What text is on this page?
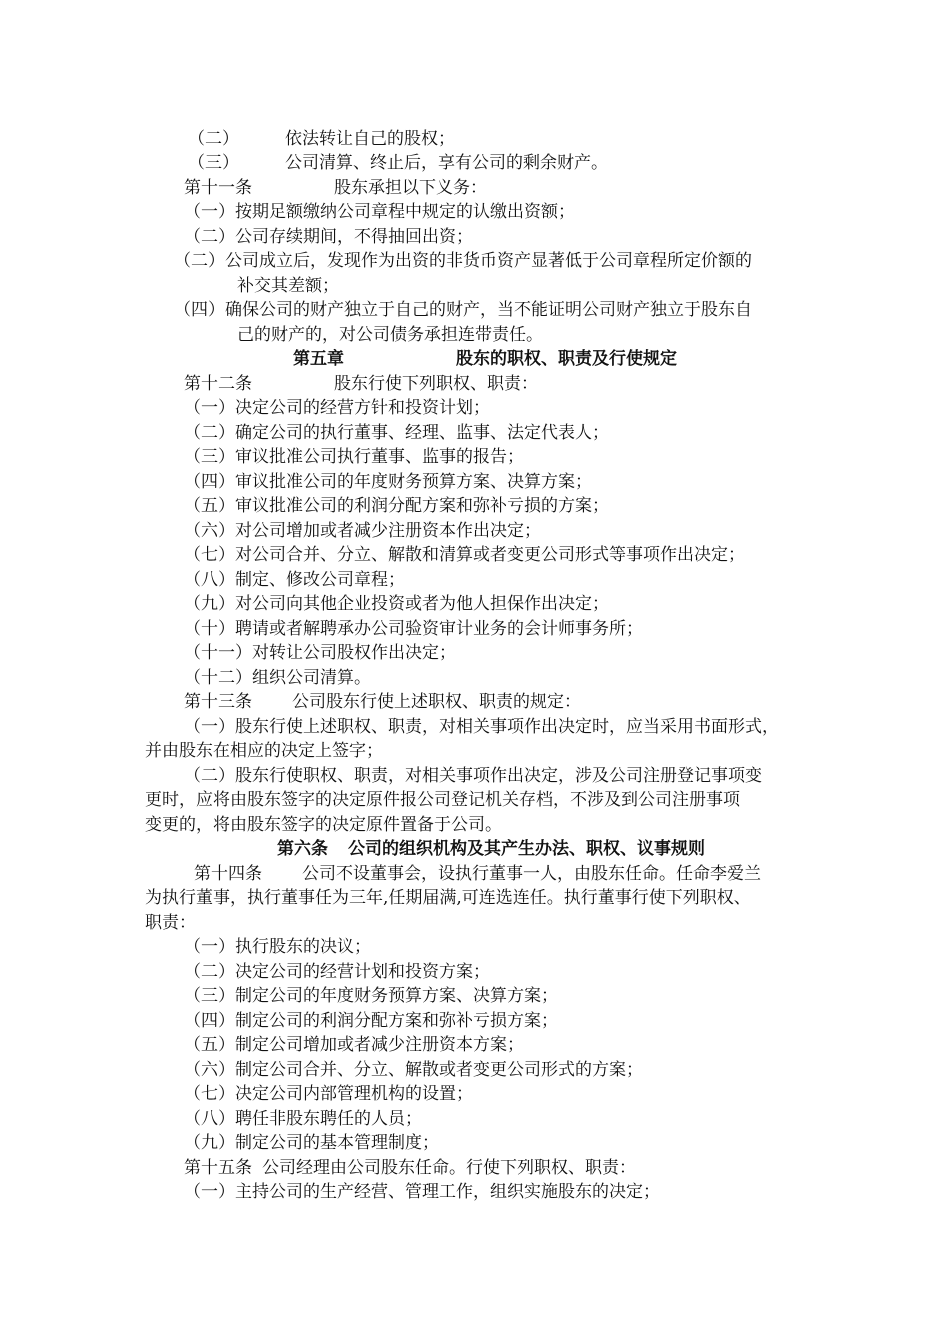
（二）	依法转让自己的股权；
（三）	公司清算、终止后，享有公司的剩余财产。
第十一条	股东承担以下义务：
（一）按期足额缴纳公司章程中规定的认缴出资额；
（二）公司存续期间，不得抽回出资；
（二）公司成立后，发现作为出资的非货币资产显著低于公司章程所定价额的
补交其差额；
（四）确保公司的财产独立于自己的财产，当不能证明公司财产独立于股东自
己的财产的，对公司债务承担连带责任。
第五章	股东的职权、职责及行使规定
第十二条	股东行使下列职权、职责：
（一）决定公司的经营方针和投资计划；
（二）确定公司的执行董事、经理、监事、法定代表人；
（三）审议批准公司执行董事、监事的报告；
（四）审议批准公司的年度财务预算方案、决算方案；
（五）审议批准公司的利润分配方案和弥补亏损的方案；
（六）对公司增加或者减少注册资本作出决定；
（七）对公司合并、分立、解散和清算或者变更公司形式等事项作出决定；
（八）制定、修改公司章程；
（九）对公司向其他企业投资或者为他人担保作出决定；
（十）聘请或者解聘承办公司验资审计业务的会计师事务所；
（十一）对转让公司股权作出决定；
（十二）组织公司清算。
第十三条 公司股东行使上述职权、职责的规定：
（一）股东行使上述职权、职责，对相关事项作出决定时，应当采用书面形式，
并由股东在相应的决定上签字；
（二）股东行使职权、职责，对相关事项作出决定，涉及公司注册登记事项变
更时，应将由股东签字的决定原件报公司登记机关存档，不涉及到公司注册事项
变更的，将由股东签字的决定原件置备于公司。
第六条 公司的组织机构及其产生办法、职权、议事规则
第十四条 公司不设董事会，设执行董事一人，由股东任命。任命李爱兰
为执行董事，执行董事任为三年,任期届满,可连选连任。执行董事行使下列职权、
职责：
（一）执行股东的决议；
（二）决定公司的经营计划和投资方案；
（三）制定公司的年度财务预算方案、决算方案；
（四）制定公司的利润分配方案和弥补亏损方案；
（五）制定公司增加或者减少注册资本方案；
（六）制定公司合并、分立、解散或者变更公司形式的方案；
（七）决定公司内部管理机构的设置；
（八）聘任非股东聘任的人员；
（九）制定公司的基本管理制度；
第十五条 公司经理由公司股东任命。行使下列职权、职责：
（一）主持公司的生产经营、管理工作，组织实施股东的决定；
